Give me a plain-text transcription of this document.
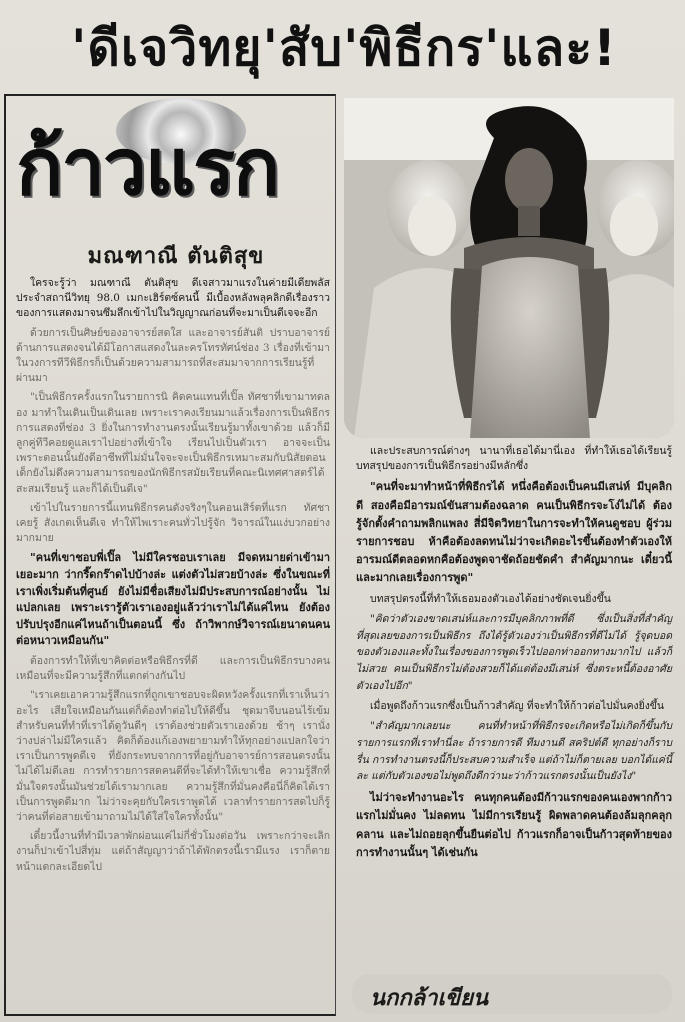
'ดีเจวิทยุ'สับ'พิธีกร'และ!
ก้าวแรก
มณฑาณี ตันติสุข

ใครจะรู้ว่า มณฑาณี ตันติสุข ดีเจสาวมาแรงในค่ายมีเดียพลัส ประจำสถานีวิทยุ 98.0 เมกะเฮิร์ตซ์คนนี้ มีเบื้องหลังพลุคลิกดีเรื่องราวของการแสดงมาจนซึมลึกเข้าไปในวิญญาณก่อนที่จะมาเป็นดีเจจะอีก

ด้วยการเป็นศิษย์ของอาจารย์สดใส และอาจารย์สันติ ปราบอาจารย์ด้านการแสดงจนได้มีโอกาสแสดงในละครโทรทัศน์ช่อง 3 เรื่องที่เข้ามาในวงการทีวีพิธีกรก็เป็นด้วยความสามารถที่สะสมมาจากการเรียนรู้ที่ผ่านมา

"เป็นพิธีกรครั้งแรกในรายการนิ คิดคนแทนที่เปิ๊ล ทัศชาที่เขามาทดลอง มาทำในเดินเป็นเดินเลย เพราะเราคงเรียนมาแล้วเรื่องการเป็นพิธีกรการแสดงที่ช่อง 3 ยิ่งในการทำงานตรงนั้นเรียนรู้มาทั้งเขาด้วย แล้วก็มีลูกคู่ทีวีคอยดูแลเราไปอย่างที่เข้าใจ เรียนไปเป็นตัวเรา อาจจะเป็นเพราะตอนนั้นยังดีอาชีพที่ไม่มั่นใจจะจะเป็นพิธีกรเหมาะสมกับนิสัยตอนเด็กยังไม่ดึงความสามารถของนักพิธีกรสมัยเรียนที่คณะนิเทศศาสตร์ได้สะสมเรียนรู้ และก็ได้เป็นดีเจ"

เข้าไปในรายการนี้แทนพิธีกรคนดังจริงๆในคอนเสิร์ตที่แรก ทัศชา เคยรู้ สังเกตเห็นดีเจ ทำให้ไพเราะคนทั่วไปรู้จัก วิจารณ์ในแง่บวกอย่างมากมาย

"คนที่เขาชอบพี่เปิ๊ล ไม่มีใครชอบเราเลย มีจดหมายด่าเข้ามาเยอะมาก ว่ากรี๊ดกร๊าดไปบ้างล่ะ แต่งตัวไม่สวยบ้างล่ะ ซึ่งในขณะที่เราเพิ่งเริ่มต้นที่ศูนย์ ยังไม่มีชื่อเสียงไม่มีประสบการณ์อย่างนั้น ไม่แปลกเลย เพราะเรารู้ตัวเราเองอยู่แล้วว่าเราไม่ได้แค่ไหน ยังต้องปรับปรุงอีกแค่ไหนถ้าเป็นตอนนี้ ซึ่ง ถ้าวิพากษ์วิจารณ์เยนาดนคนต่อหนาวเหมือนกัน"

ต้องการทำให้ที่เขาคิดต่อหรือพิธีกรที่ดี และการเป็นพิธีกรบางคนเหมือนที่จะมีความรู้สึกที่แตกต่างกันไป

"เราเคยเอาความรู้สึกแรกที่ถูกเขาชอบจะผิดหวังครั้งแรกที่เราเห็นว่าอะไร เสียใจเหมือนกันแต่ก็ต้องทำต่อไปให้ดีขึ้น ชุดมาจีบนอนไร้เข้ม สำหรับคนที่ทำที่เราได้ดูวันดีๆ เราต้องช่วยตัวเราเองด้วย ช้าๆ เรานั่งว่างปล่าไม่มีใครแล้ว คิดก็ต้องแก้เองพยายามทำให้ทุกอย่างแปลกใจว่าเราเป็นการพูดดีเจ ที่ยังกระทบจากการที่อยู่กับอาจารย์การสอนตรงนั้นไม่ได้ไม่ดีเลย การทำรายการสดคนดีที่จะได้ทำให้เขาเชื่อ ความรู้สึกที่มั่นใจตรงนั้นมันช่วยได้เรามากเลย ความรู้สึกที่มั่นคงคือนี่ก็คิดได้เราเป็นการพูดดีมาก ไม่ว่าจะคุยกับใครเราพูดได้ เวลาทำรายการสดไปก็รู้ว่าคนที่ต่อสายเข้ามาถามไม่ได้ใส่ใจใครทั้งนั้น"

เดี๋ยวนี้งานที่ทำมีเวลาพักผ่อนแค่ไม่กี่ชั่วโมงต่อวัน เพราะกว่าจะเลิกงานก็ปาเข้าไปสี่ทุ่ม แต่ถ้าสัญญาว่าถ้าได้พักตรงนี้เรามีแรง เราก็ตาย หน้าแตกละเอียดไป

และประสบการณ์ต่างๆ นานาที่เธอได้มานี่เอง ที่ทำให้เธอได้เรียนรู้บทสรุปของการเป็นพิธีกรอย่างมีหลักซึ่ง

"คนที่จะมาทำหน้าที่พิธีกรได้ หนึ่งคือต้องเป็นคนมีเสน่ห์ มีบุคลิกดี สองคือมีอารมณ์ขันสามต้องฉลาด คนเป็นพิธีกรจะโง่ไม่ได้ ต้องรู้จักตั้งคำถามพลิกแพลง สี่มีจิตวิทยาในการจะทำให้คนดูชอบ ผู้ร่วมรายการชอบ ห้าคือต้องลดทนไม่ว่าจะเกิดอะไรขึ้นต้องทำตัวเองให้อารมณ์ดีตลอดหกคือต้องพูดจาชัดถ้อยชัดคำ สำคัญมากนะ เดี๋ยวนี้และมากเลยเรื่องการพูด"

บทสรุปตรงนี้ที่ทำให้เธอมองตัวเองได้อย่างชัดเจนยิ่งขึ้น

"คิดว่าตัวเองขาดเสน่ห์และการมีบุคลิกภาพที่ดี ซึ่งเป็นสิ่งที่สำคัญที่สุดเลยของการเป็นพิธีกร ถึงได้รู้ตัวเองว่าเป็นพิธีกรที่ดีไม่ได้ รู้จุดบอดของตัวเองและทั้งในเรื่องของการพูดเร็วไปออกท่าออกทางมากไป แล้วก็ไม่สวย คนเป็นพิธีกรไม่ต้องสวยก็ได้แต่ต้องมีเสน่ห์ ซึ่งตระหนี้ต้องอาศัยตัวเองไปอีก"

เมื่อพูดถึงก้าวแรกซึ่งเป็นก้าวสำคัญ ที่จะทำให้ก้าวต่อไปมั่นคงยิ่งขึ้น

"สำคัญมากเลยนะ คนที่ทำหน้าที่พิธีกรจะเกิดหรือไม่เกิดก็ขึ้นกับรายการแรกที่เราทำนี่ละ ถ้ารายการดี ทีมงานดี สคริปต์ดี ทุกอย่างก็ราบรื่น การทำงานตรงนี้ก็ประสบความสำเร็จ แต่ถ้าไม่ก็ตายเลย บอกได้แค่นี้ละ แต่กับตัวเองขอไม่พูดถึงดีกว่านะว่าก้าวแรกตรงนั้นเป็นยังไง"

ไม่ว่าจะทำงานอะไร คนทุกคนต้องมีก้าวแรกของคนเองพากก้าวแรกไม่มั่นคง ไม่ลดทน ไม่มีการเรียนรู้ ผิดพลาดคนต้องล้มลุกคลุกคลาน และไม่ถอยลุกขึ้นยืนต่อไป ก้าวแรกก็อาจเป็นก้าวสุดท้ายของการทำงานนั้นๆ ได้เช่นกัน

นกกล้าเขียน
